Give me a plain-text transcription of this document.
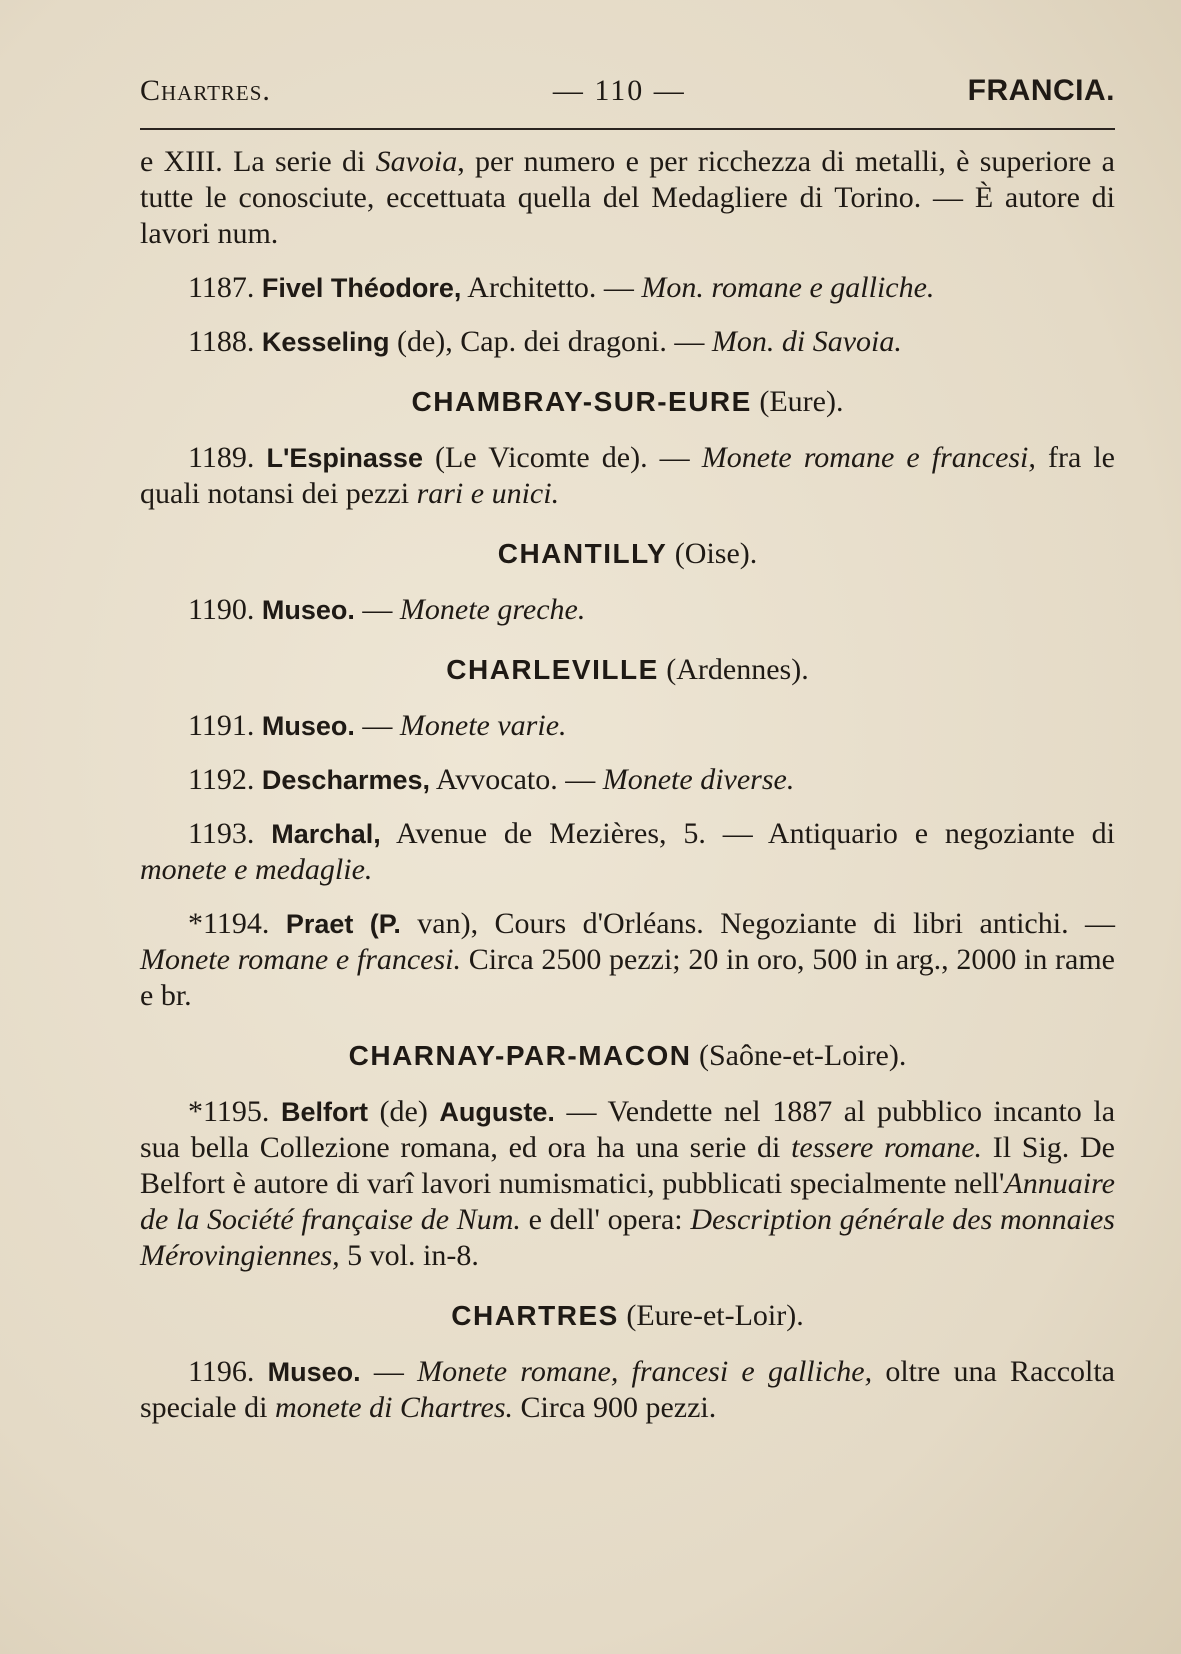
Chartres.	— 110 —	FRANCIA.

e XIII. La serie di Savoia, per numero e per ricchezza di metalli, è superiore a tutte le conosciute, eccettuata quella del Medagliere di Torino. — È autore di lavori num.

1187. Fivel Théodore, Architetto. — Mon. romane e galliche.

1188. Kesseling (de), Cap. dei dragoni. — Mon. di Savoia.

CHAMBRAY-SUR-EURE (Eure).

1189. L'Espinasse (Le Vicomte de). — Monete romane e francesi, fra le quali notansi dei pezzi rari e unici.

CHANTILLY (Oise).

1190. Museo. — Monete greche.

CHARLEVILLE (Ardennes).

1191. Museo. — Monete varie.

1192. Descharmes, Avvocato. — Monete diverse.

1193. Marchal, Avenue de Mezières, 5. — Antiquario e negoziante di monete e medaglie.

*1194. Praet (P. van), Cours d'Orléans. Negoziante di libri antichi. — Monete romane e francesi. Circa 2500 pezzi; 20 in oro, 500 in arg., 2000 in rame e br.

CHARNAY-PAR-MACON (Saône-et-Loire).

*1195. Belfort (de) Auguste. — Vendette nel 1887 al pubblico incanto la sua bella Collezione romana, ed ora ha una serie di tessere romane. Il Sig. De Belfort è autore di varî lavori numismatici, pubblicati specialmente nell'Annuaire de la Société française de Num. e dell' opera: Description générale des monnaies Mérovingiennes, 5 vol. in-8.

CHARTRES (Eure-et-Loir).

1196. Museo. — Monete romane, francesi e galliche, oltre una Raccolta speciale di monete di Chartres. Circa 900 pezzi.
